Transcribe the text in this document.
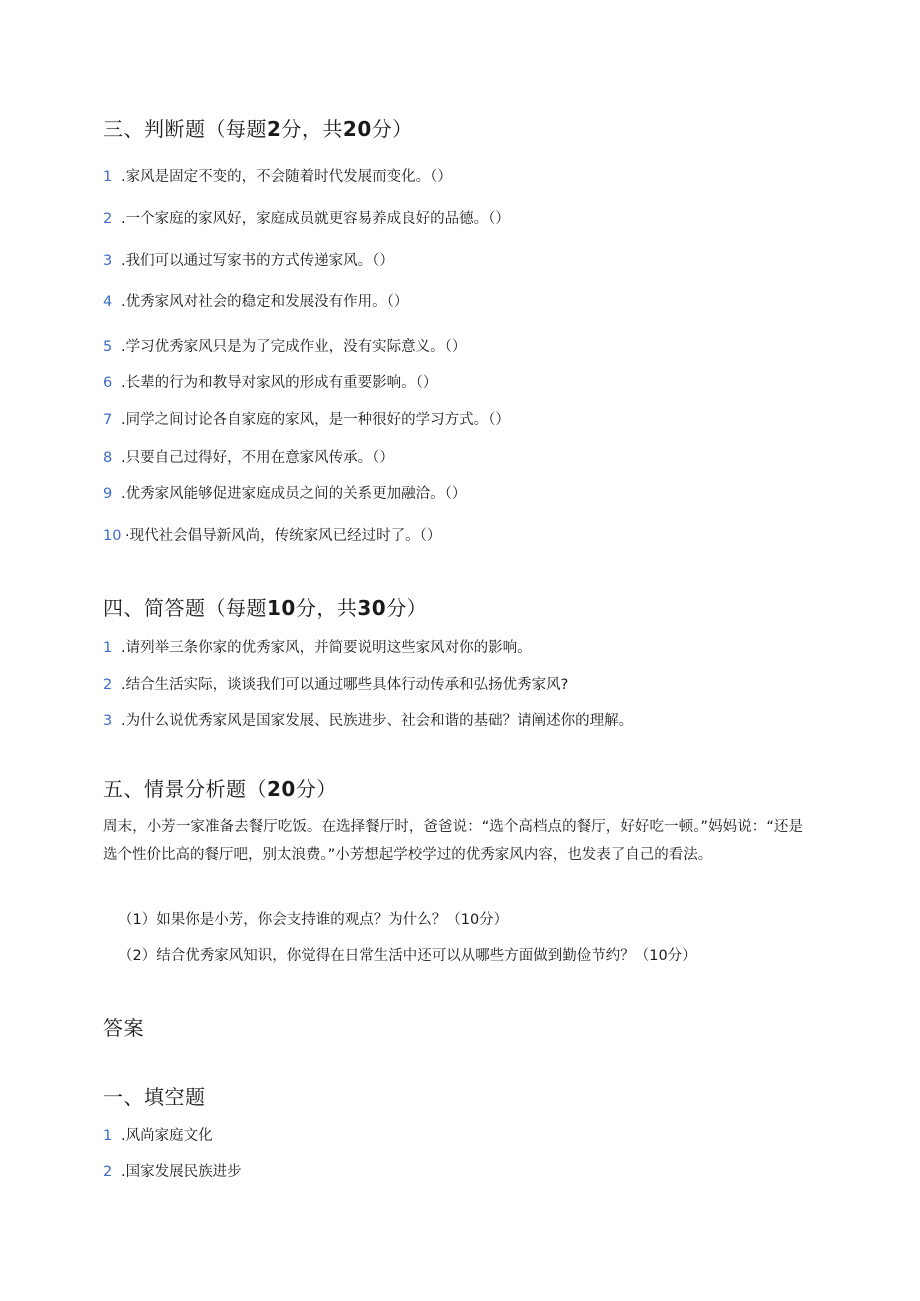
三、判断题（每题2分，共20分）

1 .家风是固定不变的，不会随着时代发展而变化。（）

2 .一个家庭的家风好，家庭成员就更容易养成良好的品德。（）

3 .我们可以通过写家书的方式传递家风。（）

4 .优秀家风对社会的稳定和发展没有作用。（）

5 .学习优秀家风只是为了完成作业，没有实际意义。（）

6 .长辈的行为和教导对家风的形成有重要影响。（）

7 .同学之间讨论各自家庭的家风，是一种很好的学习方式。（）

8 .只要自己过得好，不用在意家风传承。（）

9 .优秀家风能够促进家庭成员之间的关系更加融洽。（）

10 ·现代社会倡导新风尚，传统家风已经过时了。（）

四、简答题（每题10分，共30分）

1 .请列举三条你家的优秀家风，并简要说明这些家风对你的影响。

2 .结合生活实际，谈谈我们可以通过哪些具体行动传承和弘扬优秀家风?

3 .为什么说优秀家风是国家发展、民族进步、社会和谐的基础？请阐述你的理解。

五、情景分析题（20分）

周末，小芳一家准备去餐厅吃饭。在选择餐厅时，爸爸说：“选个高档点的餐厅，好好吃一顿。”妈妈说：“还是选个性价比高的餐厅吧，别太浪费。”小芳想起学校学过的优秀家风内容，也发表了自己的看法。

（1）如果你是小芳，你会支持谁的观点？为什么？（10分）

（2）结合优秀家风知识，你觉得在日常生活中还可以从哪些方面做到勤俭节约？（10分）

答案
一、填空题

1 .风尚家庭文化

2 .国家发展民族进步
